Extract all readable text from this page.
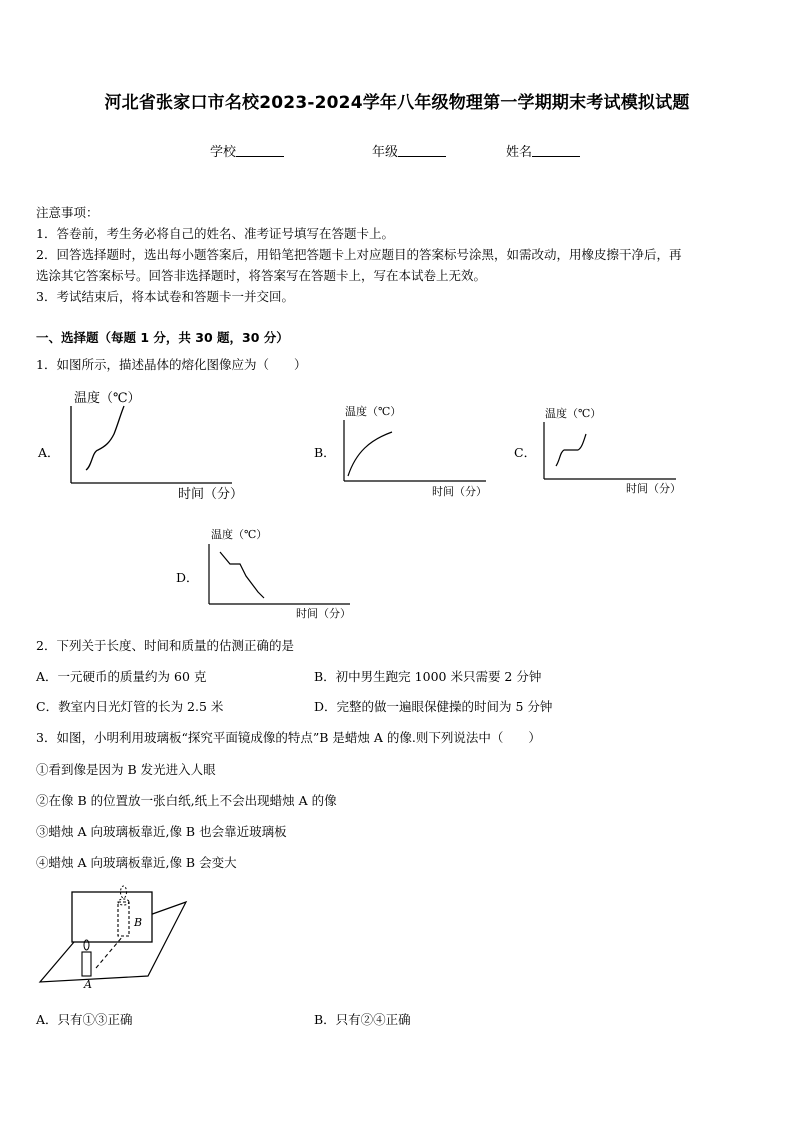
河北省张家口市名校2023-2024学年八年级物理第一学期期末考试模拟试题
学校	年级	姓名
注意事项：
1．答卷前，考生务必将自己的姓名、准考证号填写在答题卡上。
2．回答选择题时，选出每小题答案后，用铅笔把答题卡上对应题目的答案标号涂黑，如需改动，用橡皮擦干净后，再
选涂其它答案标号。回答非选择题时，将答案写在答题卡上，写在本试卷上无效。
3．考试结束后，将本试卷和答题卡一并交回。
一、选择题（每题 1 分，共 30 题，30 分）
1．如图所示，描述晶体的熔化图像应为（　　）
A．
温度（℃）
时间（分）
B．
温度（℃）
时间（分）
C．
温度（℃）
时间（分）
D．
温度（℃）
时间（分）
2．下列关于长度、时间和质量的估测正确的是
A．一元硬币的质量约为 60 克	B．初中男生跑完 1000 米只需要 2 分钟
C．教室内日光灯管的长为 2.5 米	D．完整的做一遍眼保健操的时间为 5 分钟
3．如图，小明利用玻璃板“探究平面镜成像的特点”B 是蜡烛 A 的像.则下列说法中（　　）
①看到像是因为 B 发光进入人眼
②在像 B 的位置放一张白纸,纸上不会出现蜡烛 A 的像
③蜡烛 A 向玻璃板靠近,像 B 也会靠近玻璃板
④蜡烛 A 向玻璃板靠近,像 B 会变大
B
A
A．只有①③正确	B．只有②④正确
